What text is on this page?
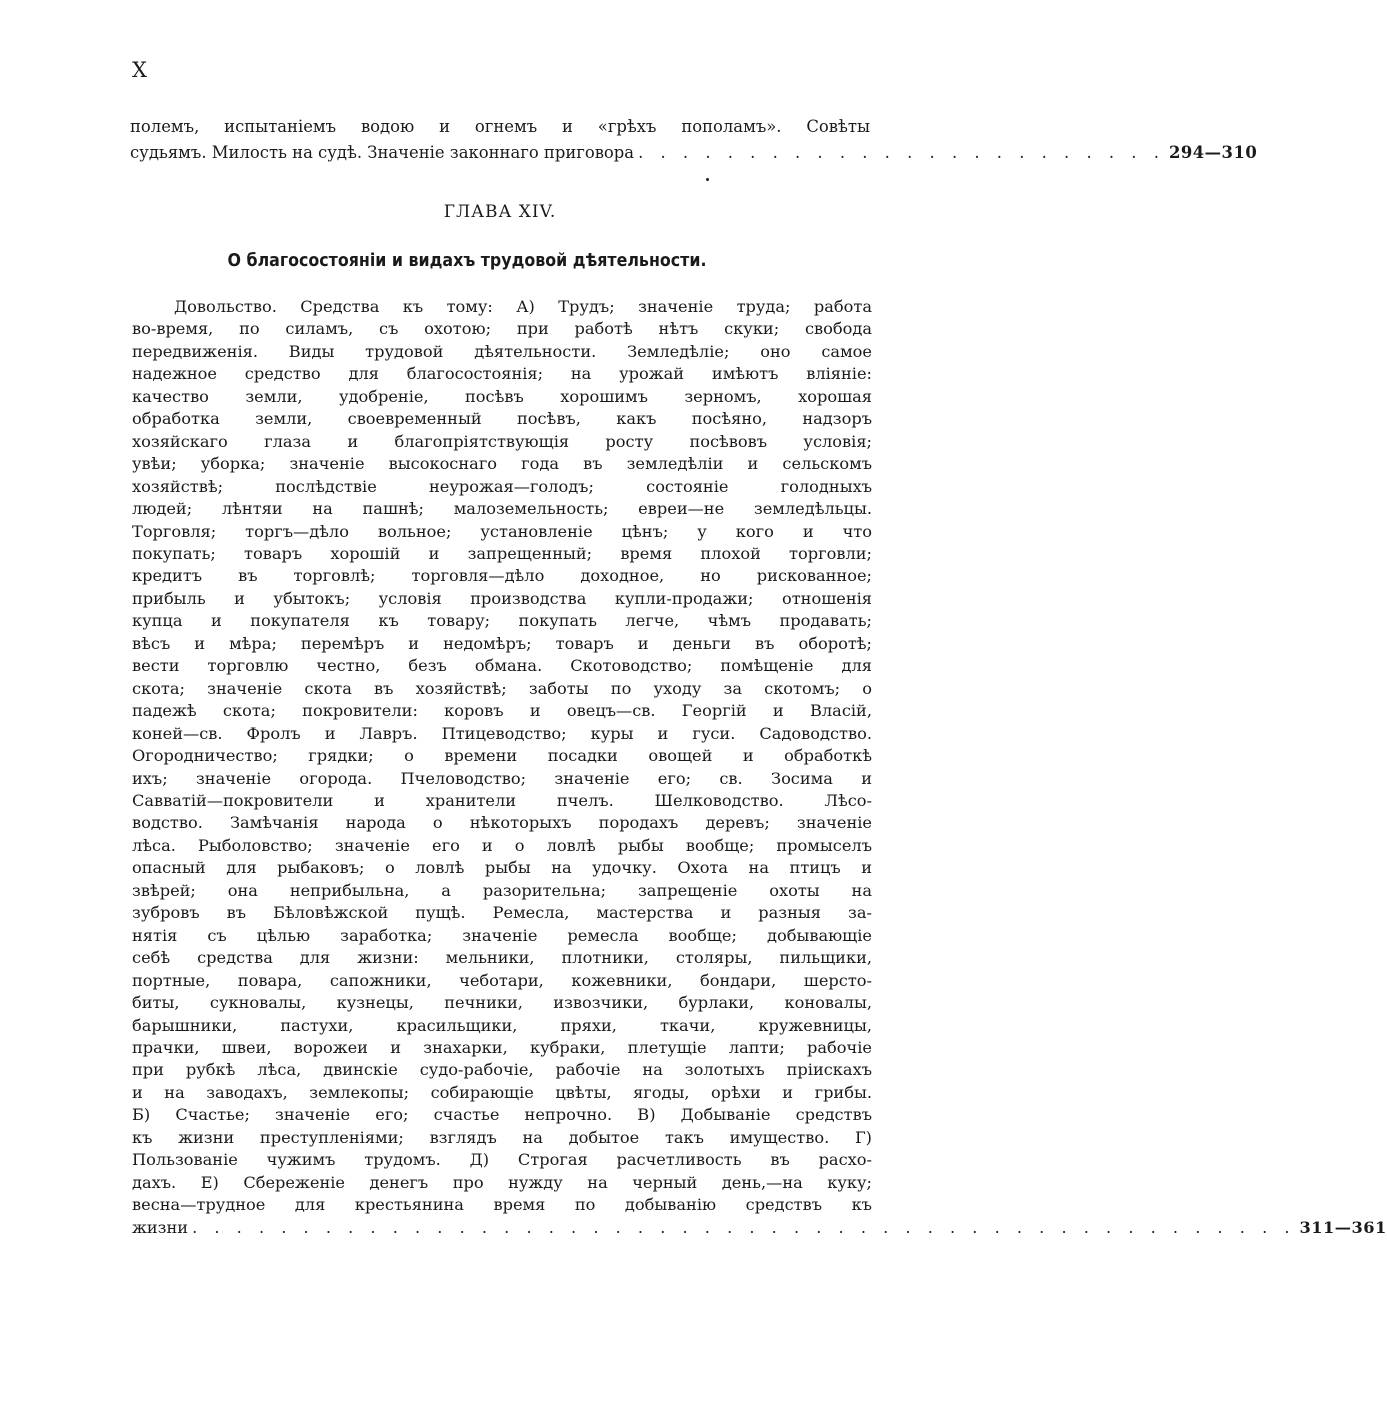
X

полемъ, испытаніемъ водою и огнемъ и «грѣхъ пополамъ». Совѣты
судьямъ. Милость на судѣ. Значеніе законнаго приговора . . . . . . . . . . . . . . . . . . . . . . . . 294—310
ГЛАВА XIV.
О благосостояніи и видахъ трудовой дѣятельности.
Довольство. Средства къ тому: А) Трудъ; значеніе труда; работа
во-время, по силамъ, съ охотою; при работѣ нѣтъ скуки; свобода
передвиженія. Виды трудовой дѣятельности. Земледѣліе; оно самое
надежное средство для благосостоянія; на урожай имѣютъ вліяніе:
качество земли, удобреніе, посѣвъ хорошимъ зерномъ, хорошая
обработка земли, своевременный посѣвъ, какъ посѣяно, надзоръ
хозяйскаго глаза и благопріятствующія росту посѣвовъ условія;
увѣи; уборка; значеніе высокоснаго года въ земледѣліи и сельскомъ
хозяйствѣ; послѣдствіе неурожая—голодъ; состояніе голодныхъ
людей; лѣнтяи на пашнѣ; малоземельность; евреи—не земледѣльцы.
Торговля; торгъ—дѣло вольное; установленіе цѣнъ; у кого и что
покупать; товаръ хорошій и запрещенный; время плохой торговли;
кредитъ въ торговлѣ; торговля—дѣло доходное, но рискованное;
прибыль и убытокъ; условія производства купли-продажи; отношенія
купца и покупателя къ товару; покупать легче, чѣмъ продавать;
вѣсъ и мѣра; перемѣръ и недомѣръ; товаръ и деньги въ оборотѣ;
вести торговлю честно, безъ обмана. Скотоводство; помѣщеніе для
скота; значеніе скота въ хозяйствѣ; заботы по уходу за скотомъ; о
падежѣ скота; покровители: коровъ и овецъ—св. Георгій и Власій,
коней—св. Фролъ и Лавръ. Птицеводство; куры и гуси. Садоводство.
Огородничество; грядки; о времени посадки овощей и обработкѣ
ихъ; значеніе огорода. Пчеловодство; значеніе его; св. Зосима и
Савватій—покровители и хранители пчелъ. Шелководство. Лѣсо-
водство. Замѣчанія народа о нѣкоторыхъ породахъ деревъ; значеніе
лѣса. Рыболовство; значеніе его и о ловлѣ рыбы вообще; промыселъ
опасный для рыбаковъ; о ловлѣ рыбы на удочку. Охота на птицъ и
звѣрей; она неприбыльна, а разорительна; запрещеніе охоты на
зубровъ въ Бѣловѣжской пущѣ. Ремесла, мастерства и разныя за-
нятія съ цѣлью заработка; значеніе ремесла вообще; добывающіе
себѣ средства для жизни: мельники, плотники, столяры, пильщики,
портные, повара, сапожники, чеботари, кожевники, бондари, шерсто-
биты, сукновалы, кузнецы, печники, извозчики, бурлаки, коновалы,
барышники, пастухи, красильщики, пряхи, ткачи, кружевницы,
прачки, швеи, ворожеи и знахарки, кубраки, плетущіе лапти; рабочіе
при рубкѣ лѣса, двинскіе судо-рабочіе, рабочіе на золотыхъ пріискахъ
и на заводахъ, землекопы; собирающіе цвѣты, ягоды, орѣхи и грибы.
Б) Счастье; значеніе его; счастье непрочно. В) Добываніе средствъ
къ жизни преступленіями; взглядъ на добытое такъ имущество. Г)
Пользованіе чужимъ трудомъ. Д) Строгая расчетливость въ расхо-
дахъ. Е) Сбереженіе денегъ про нужду на черный день,—на куку;
весна—трудное для крестьянина время по добыванію средствъ къ
жизни . . . . . . . . . . . . . . . . . . . . . . . . . . . . . . . . . . . . . . . . . . . . . . . . . . 311—361
